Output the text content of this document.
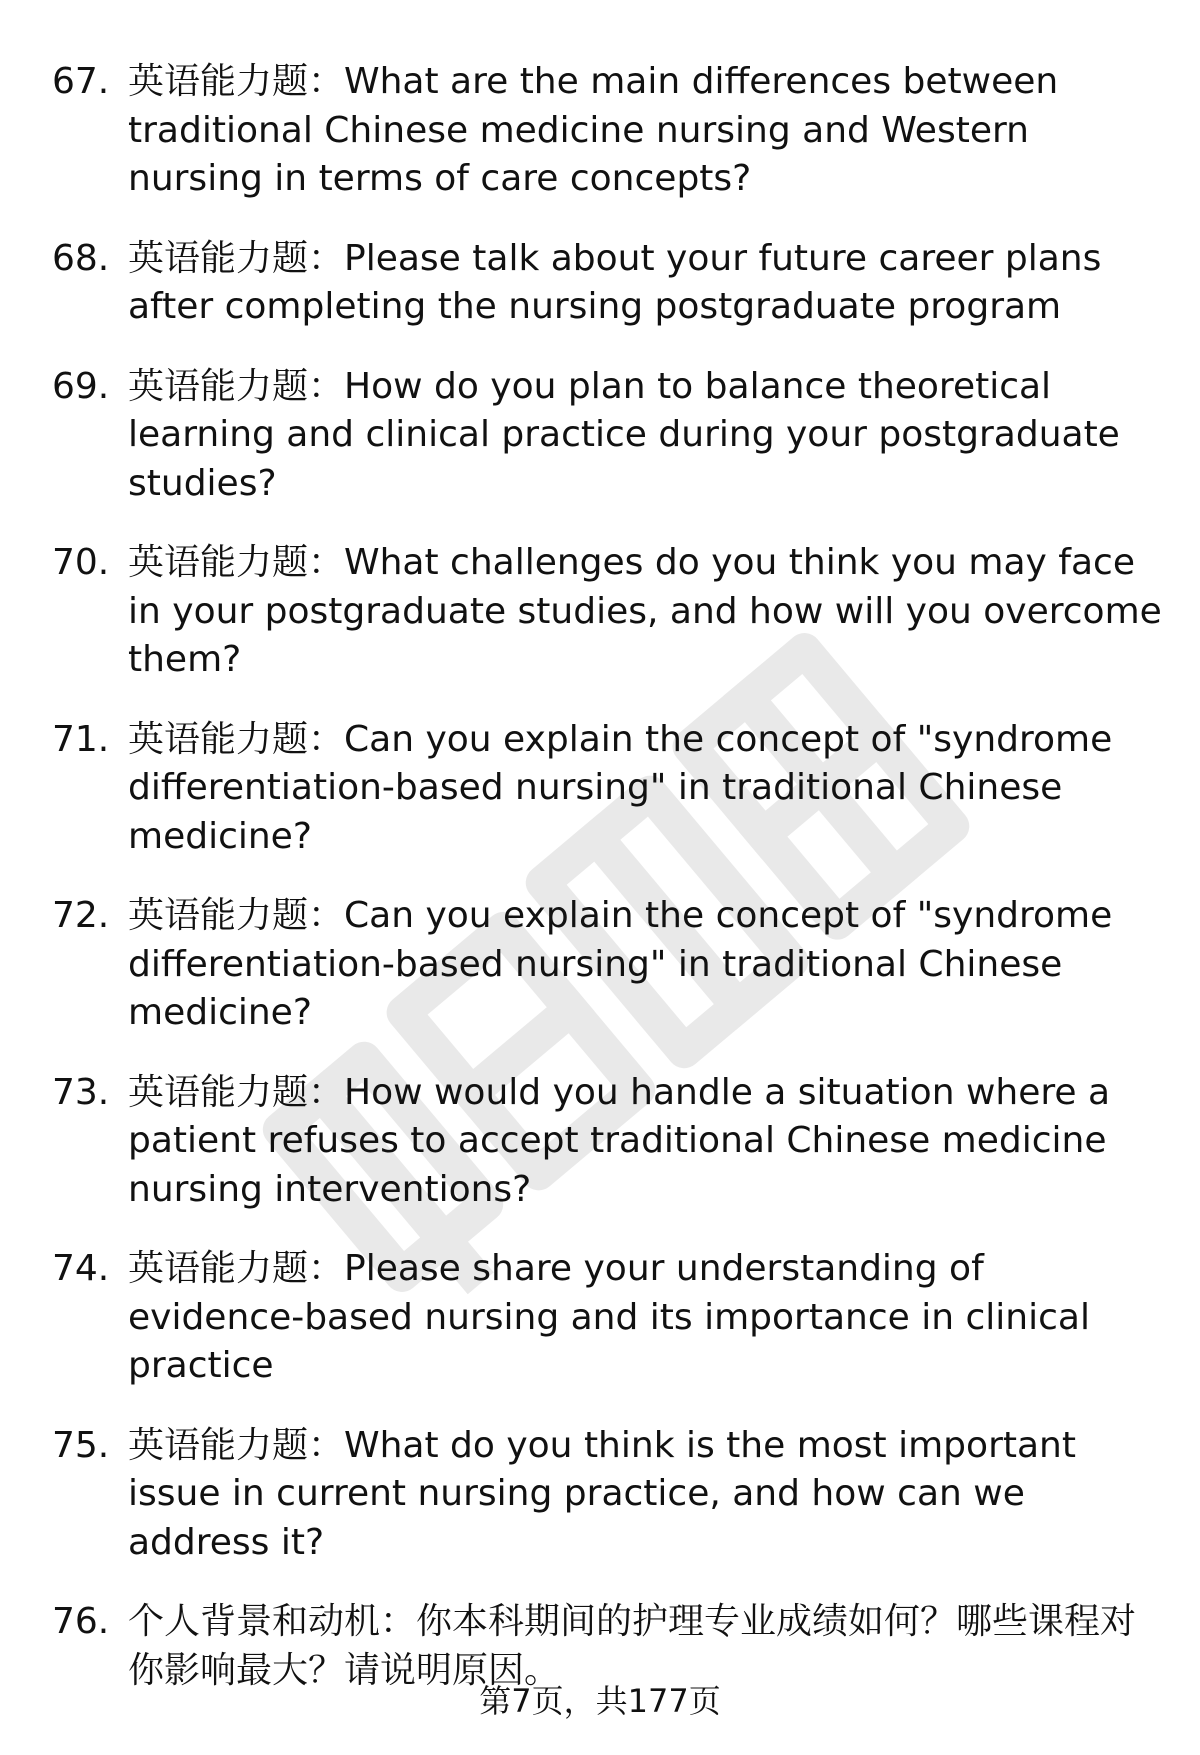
67. 英语能力题：What are the main differences between traditional Chinese medicine nursing and Western nursing in terms of care concepts?
68. 英语能力题：Please talk about your future career plans after completing the nursing postgraduate program
69. 英语能力题：How do you plan to balance theoretical learning and clinical practice during your postgraduate studies?
70. 英语能力题：What challenges do you think you may face in your postgraduate studies, and how will you overcome them?
71. 英语能力题：Can you explain the concept of "syndrome differentiation-based nursing" in traditional Chinese medicine?
72. 英语能力题：Can you explain the concept of "syndrome differentiation-based nursing" in traditional Chinese medicine?
73. 英语能力题：How would you handle a situation where a patient refuses to accept traditional Chinese medicine nursing interventions?
74. 英语能力题：Please share your understanding of evidence-based nursing and its importance in clinical practice
75. 英语能力题：What do you think is the most important issue in current nursing practice, and how can we address it?
76. 个人背景和动机：你本科期间的护理专业成绩如何？哪些课程对你影响最大？请说明原因。
第7页，共177页
